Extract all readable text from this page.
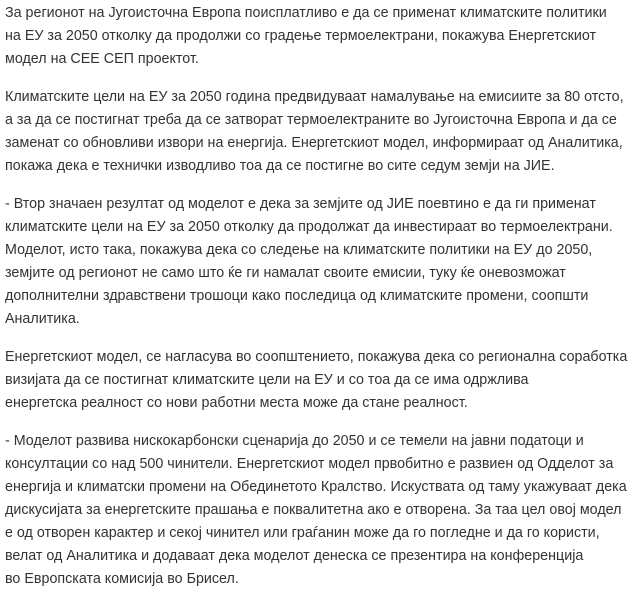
За регионот на Југоисточна Европа поисплатливо е да се применат климатските политики
на ЕУ за 2050 отколку да продолжи со градење термоелектрани, покажува Енергетскиот
модел на СЕЕ СЕП проектот.

Климатските цели на ЕУ за 2050 година предвидуваат намалување на емисиите за 80 отсто,
а за да се постигнат треба да се затворат термоелектраните во Југоисточна Европа и да се
заменат со обновливи извори на енергија. Енергетскиот модел, информираат од Аналитика,
покажа дека е технички изводливо тоа да се постигне во сите седум земји на ЈИЕ.

- Втор значаен резултат од моделот е дека за земјите од ЈИЕ поевтино е да ги применат
климатските цели на ЕУ за 2050 отколку да продолжат да инвестираат во термоелектрани.
Моделот, исто така, покажува дека со следење на климатските политики на ЕУ до 2050,
земјите од регионот не само што ќе ги намалат своите емисии, туку ќе оневозможат
дополнителни здравствени трошоци како последица од климатските промени, соопшти
Аналитика.

Енергетскиот модел, се нагласува во соопштението, покажува дека со регионална соработка
визијата да се постигнат климатските цели на ЕУ и со тоа да се има одржлива
енергетска реалност со нови работни места може да стане реалност.

- Моделот развива нискокарбонски сценарија до 2050 и се темели на јавни податоци и
консултации со над 500 чинители. Енергетскиот модел првобитно е развиен од Одделот за
енергија и климатски промени на Обединетото Кралство. Искуствата од таму укажуваат дека
дискусијата за енергетските прашања е поквалитетна ако е отворена. За таа цел овој модел
е од отворен карактер и секој чинител или граѓанин може да го погледне и да го користи,
велат од Аналитика и додаваат дека моделот денеска се презентира на конференција
во Европската комисија во Брисел.
